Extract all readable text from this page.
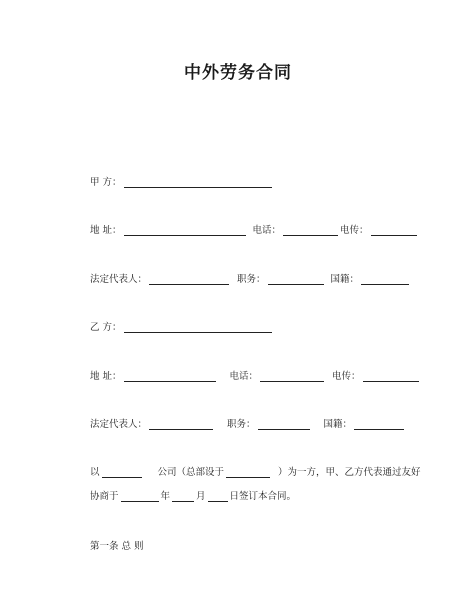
中外劳务合同
甲 方：
地 址：	电话：	电传：
法定代表人：	职务：	国籍：
乙 方：
地 址：	电话：	电传：
法定代表人：	职务：	国籍：
以	公司（总部设于	）为一方，甲、乙方代表通过友好
协商于	年	月	日签订本合同。
第一条 总 则
